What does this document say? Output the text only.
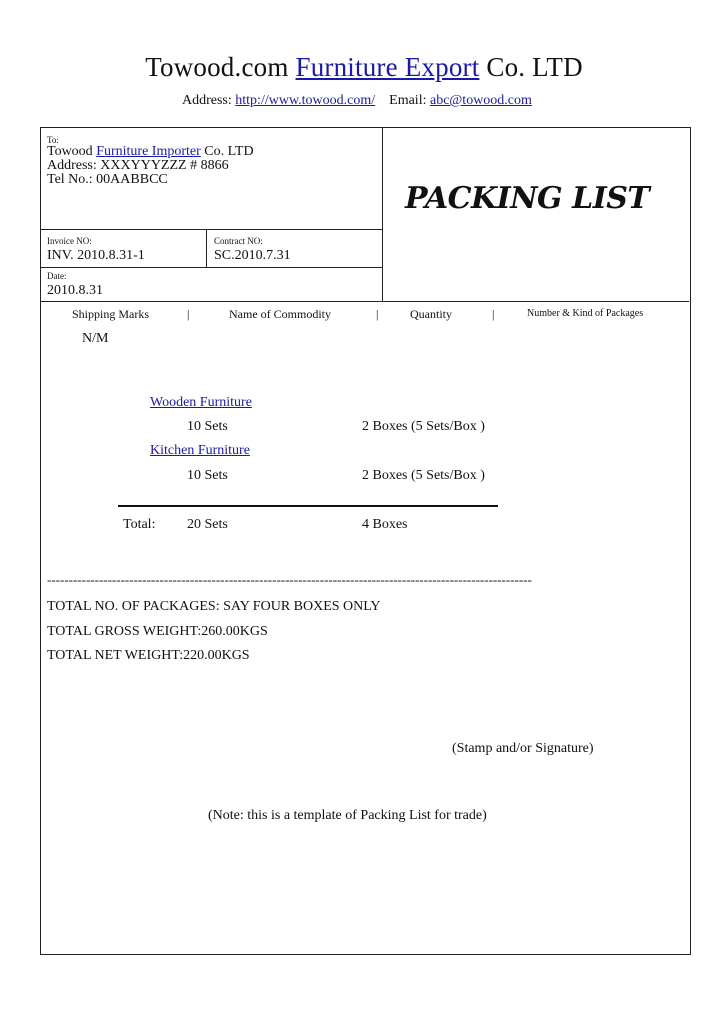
Towood.com Furniture Export Co. LTD
Address: http://www.towood.com/ Email: abc@towood.com
To:
Towood Furniture Importer Co. LTD
Address: XXXYYYZZZ # 8866
Tel No.: 00AABBCC
PACKING LIST
Invoice NO:
INV. 2010.8.31-1
Contract NO:
SC.2010.7.31
Date:
2010.8.31
Shipping Marks	|	Name of Commodity	|	Quantity	|	Number & Kind of Packages
N/M
Wooden Furniture
10 Sets	2 Boxes (5 Sets/Box )
Kitchen Furniture
10 Sets	2 Boxes (5 Sets/Box )
Total: 20 Sets	4 Boxes
----------------------------------------------------------------------------------------------------------------
TOTAL NO. OF PACKAGES: SAY FOUR BOXES ONLY
TOTAL GROSS WEIGHT:260.00KGS
TOTAL NET WEIGHT:220.00KGS
(Stamp and/or Signature)
(Note: this is a template of Packing List for trade)
